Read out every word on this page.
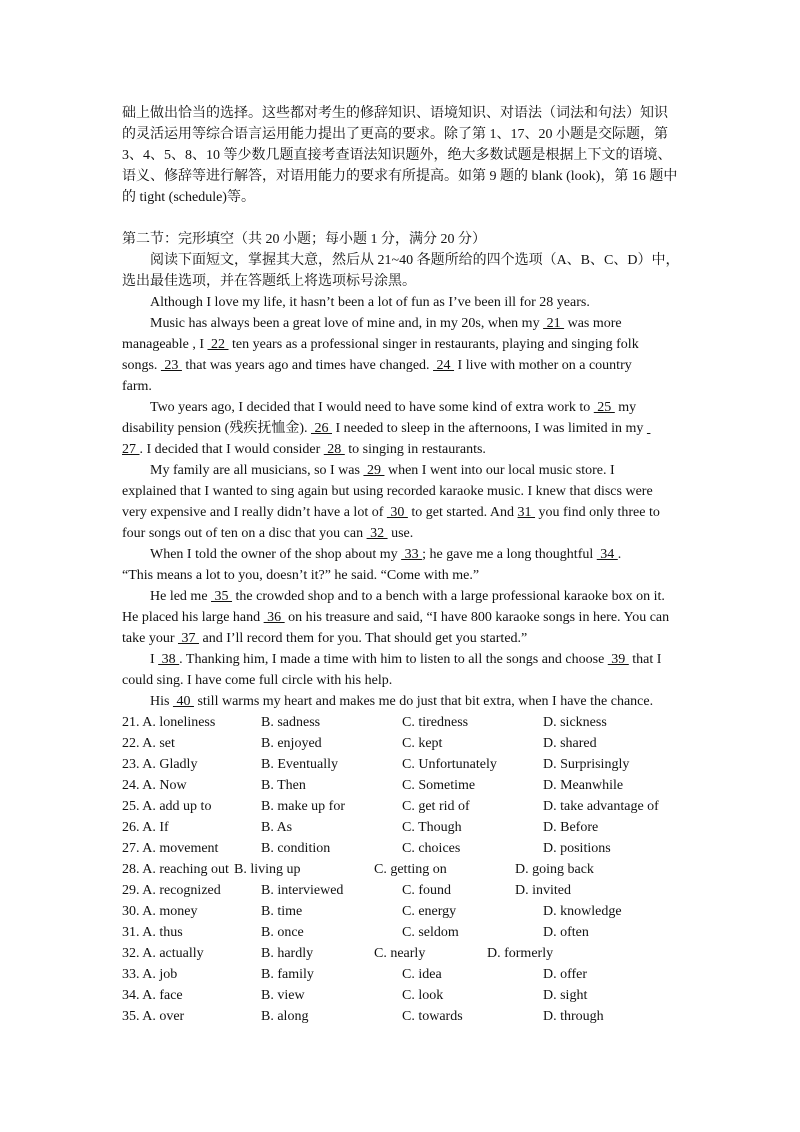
础上做出恰当的选择。这些都对考生的修辞知识、语境知识、对语法（词法和句法）知识

的灵活运用等综合语言运用能力提出了更高的要求。除了第 1、17、20 小题是交际题，第

3、4、5、8、10 等少数几题直接考查语法知识题外，绝大多数试题是根据上下文的语境、

语义、修辞等进行解答，对语用能力的要求有所提高。如第 9 题的 blank (look)，第 16 题中

的 tight (schedule)等。

第二节：完形填空（共 20 小题；每小题 1 分，满分 20 分）

阅读下面短文，掌握其大意，然后从 21~40 各题所给的四个选项（A、B、C、D）中，

选出最佳选项，并在答题纸上将选项标号涂黑。

Although I love my life, it hasn’t been a lot of fun as I’ve been ill for 28 years.

Music has always been a great love of mine and, in my 20s, when my  21  was more

manageable , I  22  ten years as a professional singer in restaurants, playing and singing folk

songs.  23  that was years ago and times have changed.  24  I live with mother on a country

farm.

Two years ago, I decided that I would need to have some kind of extra work to  25  my

disability pension (残疾抚恤金).  26  I needed to sleep in the afternoons, I was limited in my

27 . I decided that I would consider  28  to singing in restaurants.

My family are all musicians, so I was  29  when I went into our local music store. I

explained that I wanted to sing again but using recorded karaoke music. I knew that discs were

very expensive and I really didn’t have a lot of  30  to get started. And 31  you find only three to

four songs out of ten on a disc that you can  32  use.

When I told the owner of the shop about my  33 ; he gave me a long thoughtful  34 .

“This means a lot to you, doesn’t it?” he said. “Come with me.”

He led me  35  the crowded shop and to a bench with a large professional karaoke box on it.

He placed his large hand  36  on his treasure and said, “I have 800 karaoke songs in here. You can

take your  37  and I’ll record them for you. That should get you started.”

I  38 . Thanking him, I made a time with him to listen to all the songs and choose  39  that I

could sing. I have come full circle with his help.

His  40  still warms my heart and makes me do just that bit extra, when I have the chance.

21. A. loneliness	B. sadness	C. tiredness	D. sickness
22. A. set	B. enjoyed	C. kept	D. shared
23. A. Gladly	B. Eventually	C. Unfortunately	D. Surprisingly
24. A. Now	B. Then	C. Sometime	D. Meanwhile
25. A. add up to	B. make up for	C. get rid of	D. take advantage of
26. A. If	B. As	C. Though	D. Before
27. A. movement	B. condition	C. choices	D. positions
28. A. reaching out B. living up	C. getting on	D. going back
29. A. recognized	B. interviewed	C. found	D. invited
30. A. money	B. time	C. energy	D. knowledge
31. A. thus	B. once	C. seldom	D. often
32. A. actually	B. hardly	C. nearly	D. formerly
33. A. job	B. family	C. idea	D. offer
34. A. face	B. view	C. look	D. sight
35. A. over	B. along	C. towards	D. through
